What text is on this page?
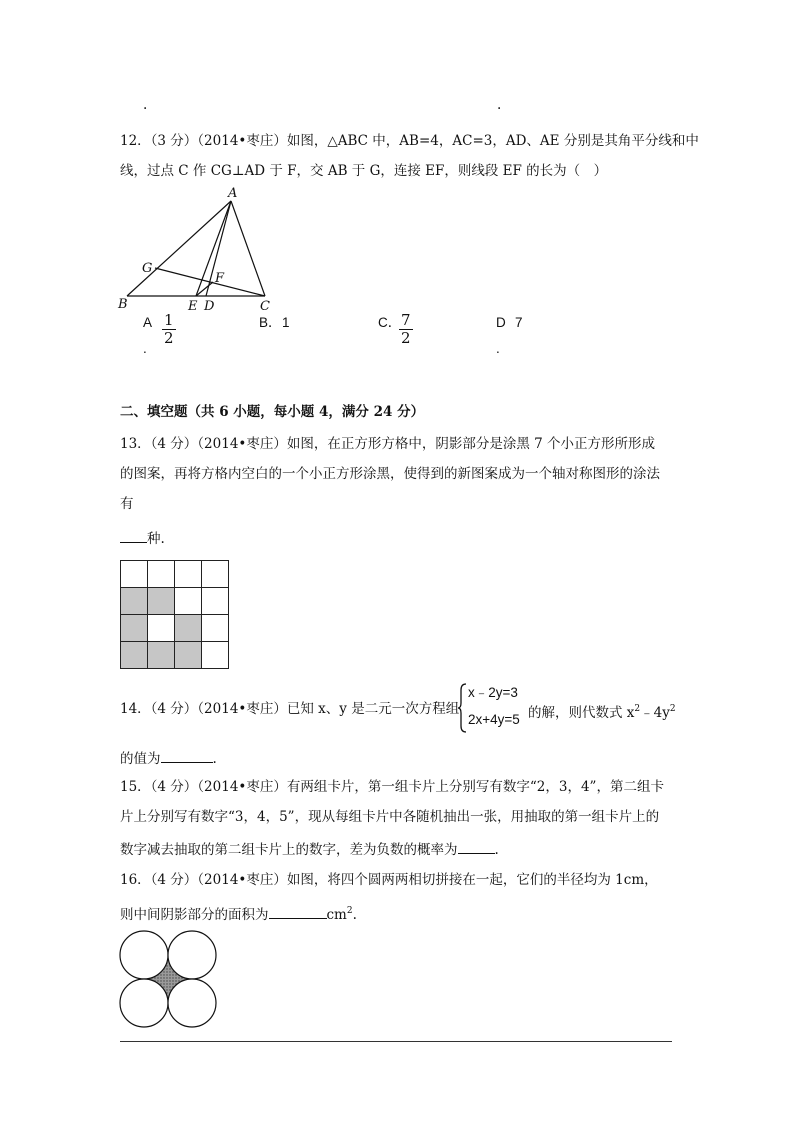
.	.
12．（3 分）（2014•枣庄）如图，△ABC 中，AB=4，AC=3，AD、AE 分别是其角平分线和中
线，过点 C 作 CG⊥AD 于 F，交 AB 于 G，连接 EF，则线段 EF 的长为（　）
A
B	C
D
E
F
G
A $\frac{1}{2}$
.
B． 1	C．
$\frac{7}{2}$	D 7
.
二、填空题（共 6 小题，每小题 4，满分 24 分）
13．（4 分）（2014•枣庄）如图，在正方形方格中，阴影部分是涂黑 7 个小正方形所形成
的图案，再将方格内空白的一个小正方形涂黑，使得到的新图案成为一个轴对称图形的涂法
有
种.
14．（4 分）（2014•枣庄）已知 x、y 是二元一次方程组
x﹣2y=3
2x+4y=5 的解，则代数式 $x^2﹣4y^2$
的值为	.
15．（4 分）（2014•枣庄）有两组卡片，第一组卡片上分别写有数字“2，3，4”，第二组卡
片上分别写有数字“3，4，5”，现从每组卡片中各随机抽出一张，用抽取的第一组卡片上的
数字减去抽取的第二组卡片上的数字，差为负数的概率为	.
16．（4 分）（2014•枣庄）如图，将四个圆两两相切拼接在一起，它们的半径均为 1cm，
则中间阴影部分的面积为	$cm^2$.
